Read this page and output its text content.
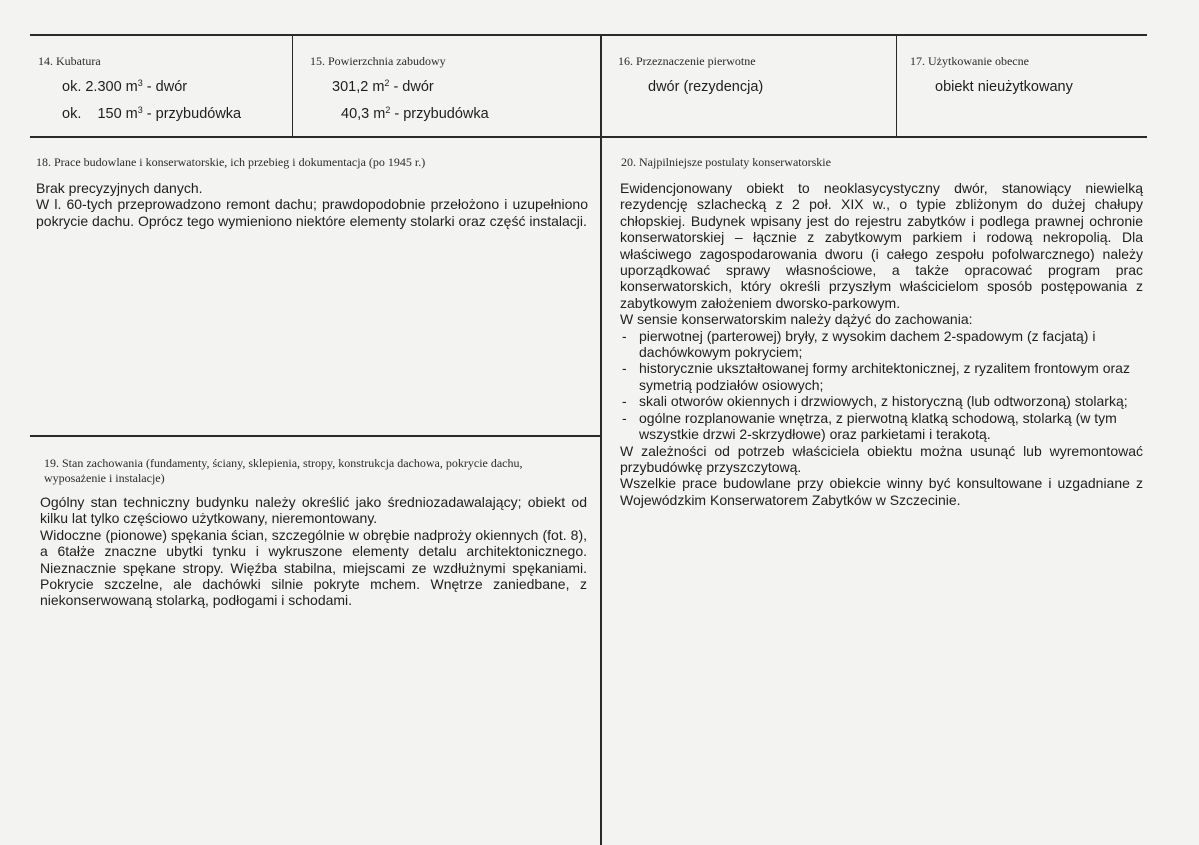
14. Kubatura
ok. 2.300 $m^3$ - dwór
ok.    150 $m^3$ - przybudówka
15. Powierzchnia zabudowy
301,2 $m^2$ - dwór
40,3 $m^2$ - przybudówka
16. Przeznaczenie pierwotne
dwór (rezydencja)
17. Użytkowanie obecne
obiekt nieużytkowany
18. Prace budowlane i konserwatorskie, ich przebieg i dokumentacja (po 1945 r.)

Brak precyzyjnych danych.

W l. 60-tych przeprowadzono remont dachu; prawdopodobnie przełożono i uzupełniono pokrycie dachu. Oprócz tego wymieniono niektóre elementy stolarki oraz część instalacji.

19. Stan zachowania (fundamenty, ściany, sklepienia, stropy, konstrukcja dachowa, pokrycie dachu, wyposażenie i instalacje)

Ogólny stan techniczny budynku należy określić jako średniozadawalający; obiekt od kilku lat tylko częściowo użytkowany, nieremontowany.

Widoczne (pionowe) spękania ścian, szczególnie w obrębie nadproży okiennych (fot. 8), a 6tałże znaczne ubytki tynku i wykruszone elementy detalu architektonicznego. Nieznacznie spękane stropy. Więźba stabilna, miejscami ze wzdłużnymi spękaniami. Pokrycie szczelne, ale dachówki silnie pokryte mchem. Wnętrze zaniedbane, z niekonserwowaną stolarką, podłogami i schodami.

20. Najpilniejsze postulaty konserwatorskie

Ewidencjonowany obiekt to neoklasycystyczny dwór, stanowiący niewielką rezydencję szlachecką z 2 poł. XIX w., o typie zbliżonym do dużej chałupy chłopskiej. Budynek wpisany jest do rejestru zabytków i podlega prawnej ochronie konserwatorskiej – łącznie z zabytkowym parkiem i rodową nekropolią. Dla właściwego zagospodarowania dworu (i całego zespołu pofolwarcznego) należy uporządkować sprawy własnościowe, a także opracować program prac konserwatorskich, który określi przyszłym właścicielom sposób postępowania z zabytkowym założeniem dworsko-parkowym.

W sensie konserwatorskim należy dążyć do zachowania:

- pierwotnej (parterowej) bryły, z wysokim dachem 2-spadowym (z facjatą) i dachówkowym pokryciem;
- historycznie ukształtowanej formy architektonicznej, z ryzalitem frontowym oraz symetrią podziałów osiowych;
- skali otworów okiennych i drzwiowych, z historyczną (lub odtworzoną) stolarką;
- ogólne rozplanowanie wnętrza, z pierwotną klatką schodową, stolarką (w tym wszystkie drzwi 2-skrzydłowe) oraz parkietami i terakotą.

W zależności od potrzeb właściciela obiektu można usunąć lub wyremontować przybudówkę przyszczytową.

Wszelkie prace budowlane przy obiekcie winny być konsultowane i uzgadniane z Wojewódzkim Konserwatorem Zabytków w Szczecinie.
